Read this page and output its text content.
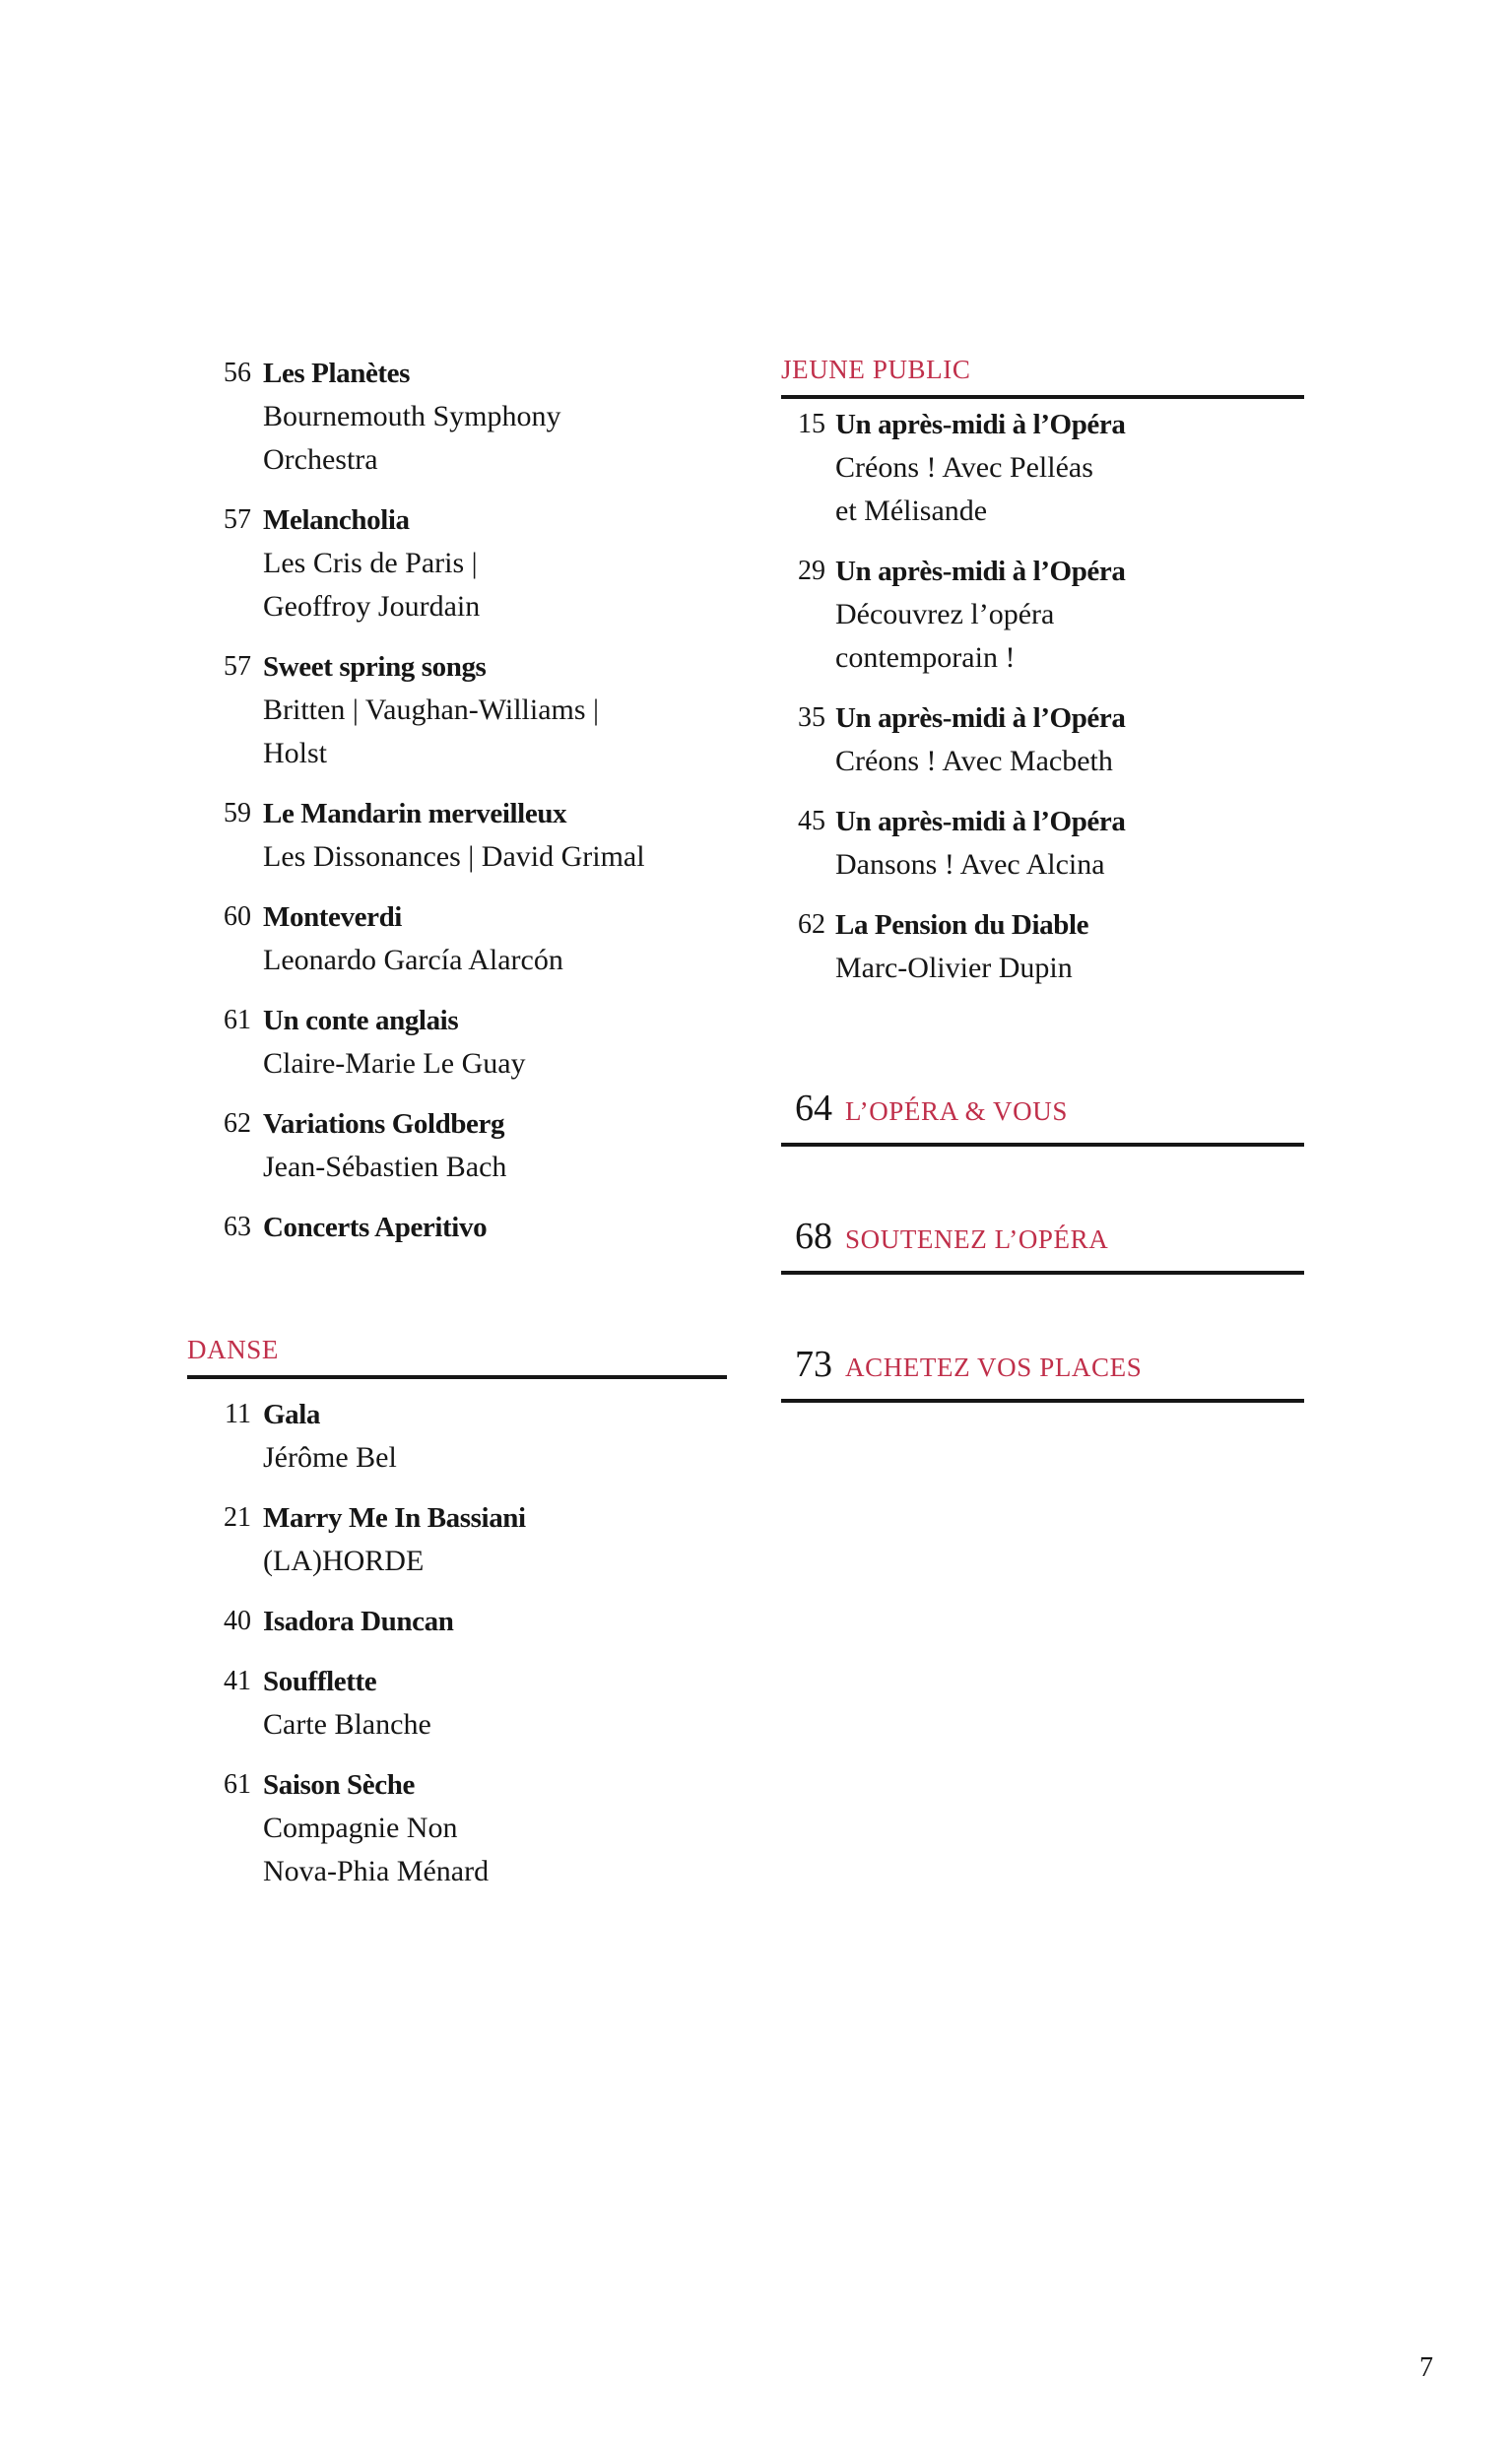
56 Les Planètes
Bournemouth Symphony
Orchestra
57 Melancholia
Les Cris de Paris |
Geoffroy Jourdain
57 Sweet spring songs
Britten | Vaughan-Williams |
Holst
59 Le Mandarin merveilleux
Les Dissonances | David Grimal
60 Monteverdi
Leonardo García Alarcón
61 Un conte anglais
Claire-Marie Le Guay
62 Variations Goldberg
Jean-Sébastien Bach
63 Concerts Aperitivo
DANSE
11 Gala
Jérôme Bel
21 Marry Me In Bassiani
(LA)HORDE
40 Isadora Duncan
41 Soufflette
Carte Blanche
61 Saison Sèche
Compagnie Non
Nova-Phia Ménard
JEUNE PUBLIC
15 Un après-midi à l’Opéra
Créons ! Avec Pelléas
et Mélisande
29 Un après-midi à l’Opéra
Découvrez l’opéra
contemporain !
35 Un après-midi à l’Opéra
Créons ! Avec Macbeth
45 Un après-midi à l’Opéra
Dansons ! Avec Alcina
62 La Pension du Diable
Marc-Olivier Dupin
64 L’OPÉRA & VOUS
68 SOUTENEZ L’OPÉRA
73 ACHETEZ VOS PLACES
7
